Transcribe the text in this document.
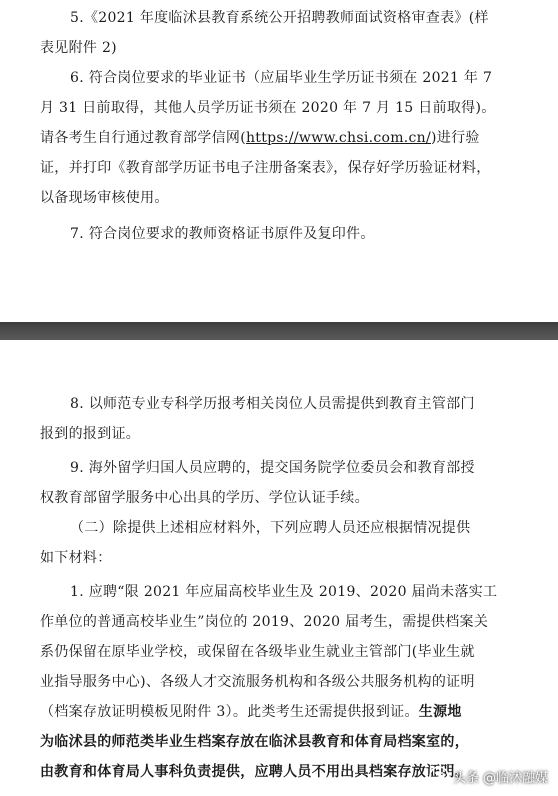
5.《2021 年度临沭县教育系统公开招聘教师面试资格审查表》(样
表见附件 2)
6. 符合岗位要求的毕业证书（应届毕业生学历证书须在 2021 年 7
月 31 日前取得，其他人员学历证书须在 2020 年 7 月 15 日前取得)。
请各考生自行通过教育部学信网(https://www.chsi.com.cn/)进行验
证，并打印《教育部学历证书电子注册备案表》，保存好学历验证材料，
以备现场审核使用。
7. 符合岗位要求的教师资格证书原件及复印件。
8. 以师范专业专科学历报考相关岗位人员需提供到教育主管部门
报到的报到证。
9. 海外留学归国人员应聘的，提交国务院学位委员会和教育部授
权教育部留学服务中心出具的学历、学位认证手续。
（二）除提供上述相应材料外，下列应聘人员还应根据情况提供
如下材料：
1. 应聘“限 2021 年应届高校毕业生及 2019、2020 届尚未落实工
作单位的普通高校毕业生”岗位的 2019、2020 届考生，需提供档案关
系仍保留在原毕业学校，或保留在各级毕业生就业主管部门(毕业生就
业指导服务中心)、各级人才交流服务机构和各级公共服务机构的证明
（档案存放证明模板见附件 3）。此类考生还需提供报到证。生源地
为临沭县的师范类毕业生档案存放在临沭县教育和体育局档案室的，
由教育和体育局人事科负责提供，应聘人员不用出具档案存放证明。
头条 @临沭融媒
